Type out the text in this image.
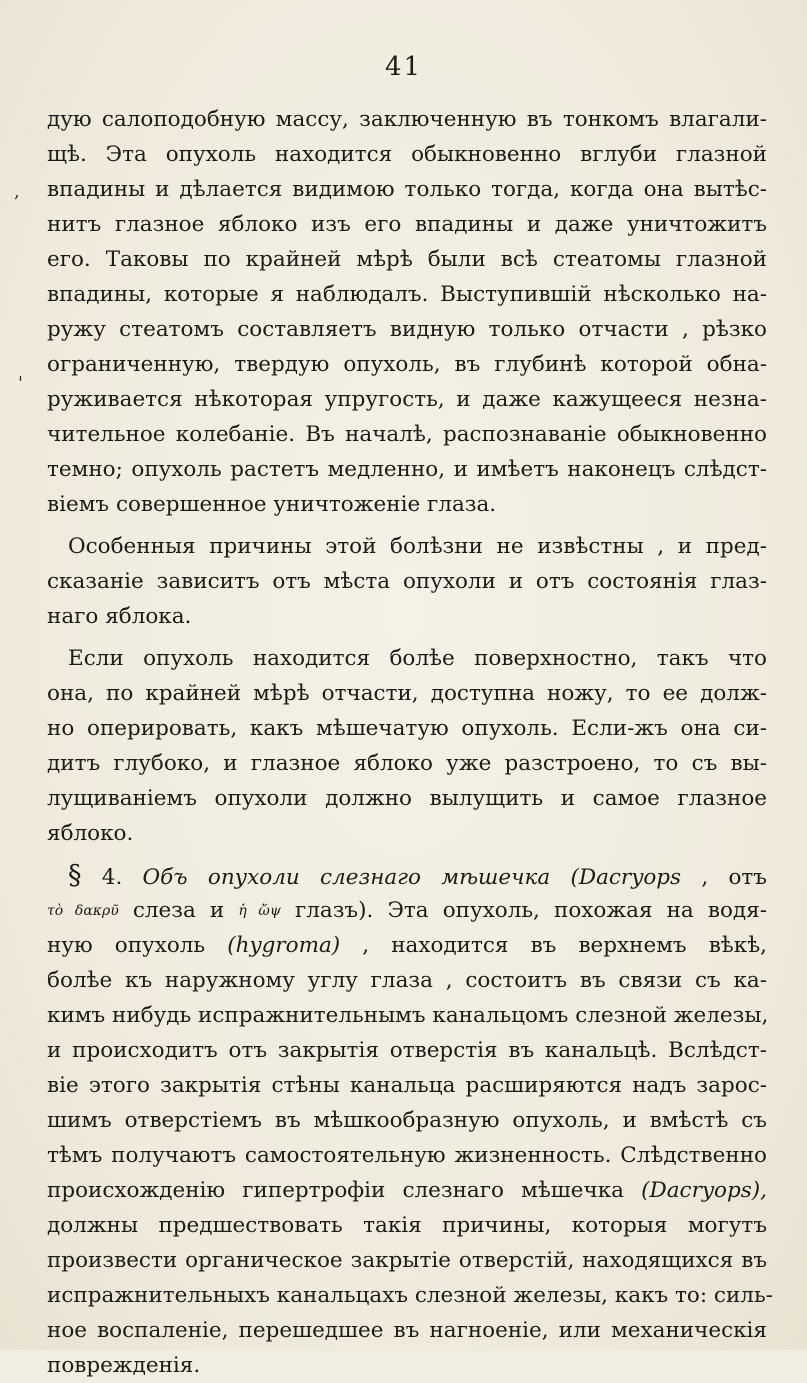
41
,
'
дую салоподобную массу, заключенную въ тонкомъ влагали-
щѣ. Эта опухоль находится обыкновенно вглуби глазной
впадины и дѣлается видимою только тогда, когда она вытѣс-
нитъ глазное яблоко изъ его впадины и даже уничтожитъ
его. Таковы по крайней мѣрѣ были всѣ стеатомы глазной
впадины, которые я наблюдалъ. Выступившiй нѣсколько на-
ружу стеатомъ составляетъ видную только отчасти , рѣзко
ограниченную, твердую опухоль, въ глубинѣ которой обна-
руживается нѣкоторая упругость, и даже кажущееся незна-
чительное колебанiе. Въ началѣ, распознаванiе обыкновенно
темно; опухоль растетъ медленно, и имѣетъ наконецъ слѣдст-
вiемъ совершенное уничтоженiе глаза.
Особенныя причины этой болѣзни не извѣстны , и пред-
сказанiе зависитъ отъ мѣста опухоли и отъ состоянiя глаз-
наго яблока.
Если опухоль находится болѣе поверхностно, такъ что
она, по крайней мѣрѣ отчасти, доступна ножу, то ее долж-
но оперировать, какъ мѣшечатую опухоль. Если-жъ она си-
дитъ глубоко, и глазное яблоко уже разстроено, то съ вы-
лущиванiемъ опухоли должно вылущить и самое глазное
яблоко.
§ 4. Объ опухоли слезнаго мѣшечка (Dacryops , отъ
τὸ δακρῦ слеза и ἡ ὤψ глазъ). Эта опухоль, похожая на водя-
ную опухоль (hygroma) , находится въ верхнемъ вѣкѣ,
болѣе къ наружному углу глаза , состоитъ въ связи съ ка-
кимъ нибудь испражнительнымъ канальцомъ слезной железы,
и происходитъ отъ закрытiя отверстiя въ канальцѣ. Вслѣдст-
вiе этого закрытiя стѣны канальца расширяются надъ зарос-
шимъ отверстiемъ въ мѣшкообразную опухоль, и вмѣстѣ съ
тѣмъ получаютъ самостоятельную жизненность. Слѣдственно
происхожденiю гипертрофiи слезнаго мѣшечка (Dacryops),
должны предшествовать такiя причины, которыя могутъ
произвести органическое закрытiе отверстiй, находящихся въ
испражнительныхъ канальцахъ слезной железы, какъ то: силь-
ное воспаленiе, перешедшее въ нагноенiе, или механическiя
поврежденiя.
